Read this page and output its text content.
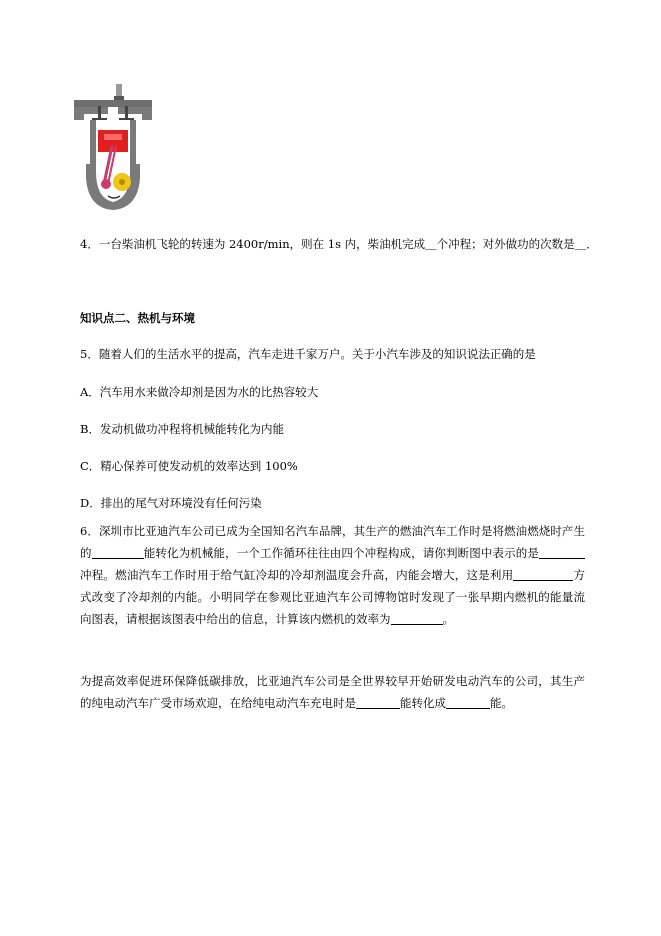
4．一台柴油机飞轮的转速为 2400r/min，则在 1s 内，柴油机完成＿个冲程；对外做功的次数是＿．
知识点二、热机与环境
5．随着人们的生活水平的提高，汽车走进千家万户。关于小汽车涉及的知识说法正确的是
A．汽车用水来做冷却剂是因为水的比热容较大
B．发动机做功冲程将机械能转化为内能
C．精心保养可使发动机的效率达到 100%
D．排出的尾气对环境没有任何污染
6．深圳市比亚迪汽车公司已成为全国知名汽车品牌，其生产的燃油汽车工作时是将燃油燃烧时产生的	能转化为机械能，一个工作循环往往由四个冲程构成，请你判断图中表示的是冲程。燃油汽车工作时用于给气缸冷却的冷却剂温度会升高，内能会增大，这是利用	方式改变了冷却剂的内能。小明同学在参观比亚迪汽车公司博物馆时发现了一张早期内燃机的能量流向图表，请根据该图表中给出的信息，计算该内燃机的效率为	。
为提高效率促进环保降低碳排放，比亚迪汽车公司是全世界较早开始研发电动汽车的公司，其生产的纯电动汽车广受市场欢迎，在给纯电动汽车充电时是	能转化成	能。
